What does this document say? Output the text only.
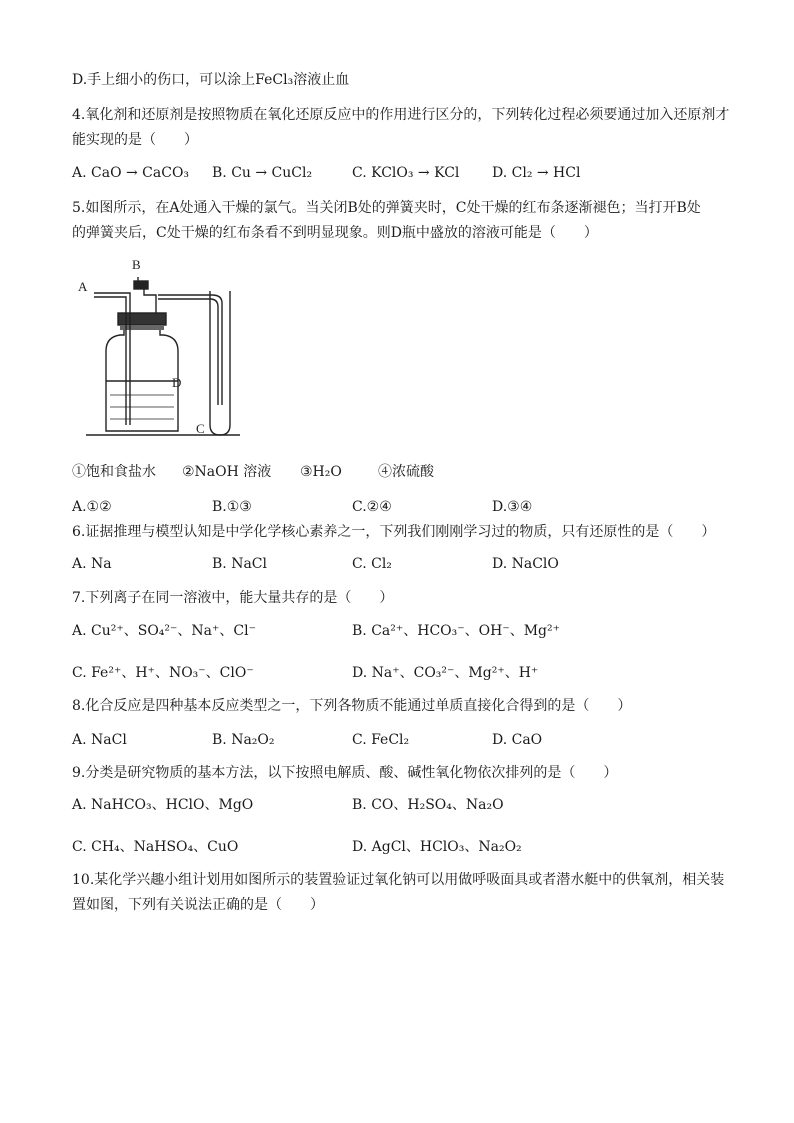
D.手上细小的伤口，可以涂上FeCl₃溶液止血
4.氧化剂和还原剂是按照物质在氧化还原反应中的作用进行区分的，下列转化过程必须要通过加入还原剂才
能实现的是（　　）
A. CaO → CaCO₃ B. Cu → CuCl₂	C. KClO₃ → KCl D. Cl₂ → HCl
5.如图所示，在A处通入干燥的氯气。当关闭B处的弹簧夹时，C处干燥的红布条逐渐褪色；当打开B处
的弹簧夹后，C处干燥的红布条看不到明显现象。则D瓶中盛放的溶液可能是（　　）
A
B
C
D
①饱和食盐水 ②NaOH 溶液 ③H₂O	④浓硫酸
A.①②	B.①③	C.②④	D.③④
6.证据推理与模型认知是中学化学核心素养之一，下列我们刚刚学习过的物质，只有还原性的是（　　）
A. Na	B. NaCl	C. Cl₂	D. NaClO
7.下列离子在同一溶液中，能大量共存的是（　　）
A. Cu²⁺、SO₄²⁻、Na⁺、Cl⁻	B. Ca²⁺、HCO₃⁻、OH⁻、Mg²⁺
C. Fe²⁺、H⁺、NO₃⁻、ClO⁻	D. Na⁺、CO₃²⁻、Mg²⁺、H⁺
8.化合反应是四种基本反应类型之一，下列各物质不能通过单质直接化合得到的是（　　）
A. NaCl	B. Na₂O₂	C. FeCl₂	D. CaO
9.分类是研究物质的基本方法，以下按照电解质、酸、碱性氧化物依次排列的是（　　）
A. NaHCO₃、HClO、MgO	B. CO、H₂SO₄、Na₂O
C. CH₄、NaHSO₄、CuO	D. AgCl、HClO₃、Na₂O₂
10.某化学兴趣小组计划用如图所示的装置验证过氧化钠可以用做呼吸面具或者潜水艇中的供氧剂，相关装
置如图，下列有关说法正确的是（　　）
